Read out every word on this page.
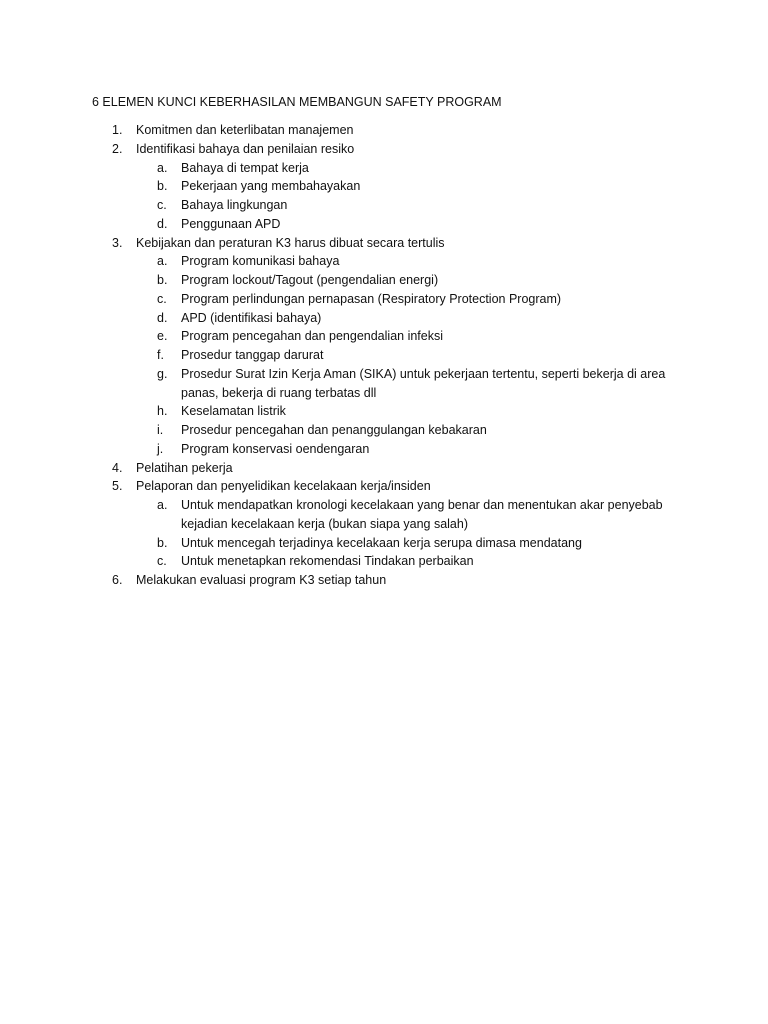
6 ELEMEN KUNCI KEBERHASILAN MEMBANGUN SAFETY PROGRAM
1. Komitmen dan keterlibatan manajemen
2. Identifikasi bahaya dan penilaian resiko
a. Bahaya di tempat kerja
b. Pekerjaan yang membahayakan
c. Bahaya lingkungan
d. Penggunaan APD
3. Kebijakan dan peraturan K3 harus dibuat secara tertulis
a. Program komunikasi bahaya
b. Program lockout/Tagout (pengendalian energi)
c. Program perlindungan pernapasan (Respiratory Protection Program)
d. APD (identifikasi bahaya)
e. Program pencegahan dan pengendalian infeksi
f. Prosedur tanggap darurat
g. Prosedur Surat Izin Kerja Aman (SIKA) untuk pekerjaan tertentu, seperti bekerja di area panas, bekerja di ruang terbatas dll
h. Keselamatan listrik
i. Prosedur pencegahan dan penanggulangan kebakaran
j. Program konservasi oendengaran
4. Pelatihan pekerja
5. Pelaporan dan penyelidikan kecelakaan kerja/insiden
a. Untuk mendapatkan kronologi kecelakaan yang benar dan menentukan akar penyebab kejadian kecelakaan kerja (bukan siapa yang salah)
b. Untuk mencegah terjadinya kecelakaan kerja serupa dimasa mendatang
c. Untuk menetapkan rekomendasi Tindakan perbaikan
6. Melakukan evaluasi program K3 setiap tahun
